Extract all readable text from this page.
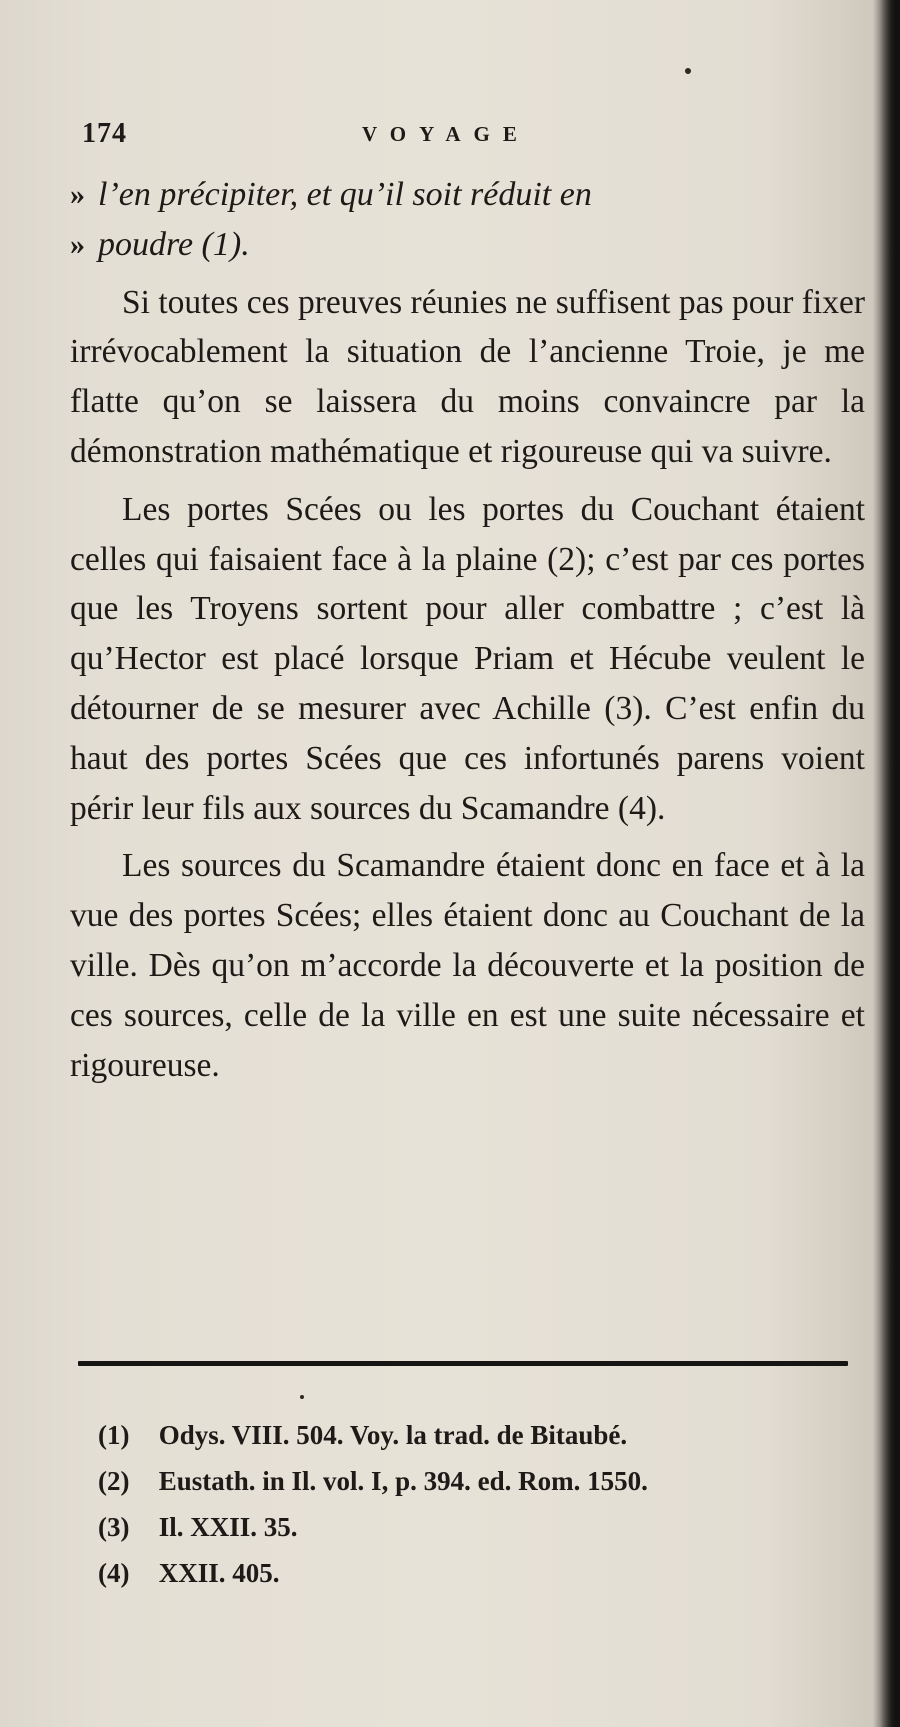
174	VOYAGE

» l’en précipiter, et qu’il soit réduit en

» poudre (1).

Si toutes ces preuves réunies ne suffisent pas pour fixer irrévocablement la situation de l’ancienne Troie, je me flatte qu’on se laissera du moins convaincre par la démonstration mathématique et rigoureuse qui va suivre.

Les portes Scées ou les portes du Couchant étaient celles qui faisaient face à la plaine (2); c’est par ces portes que les Troyens sortent pour aller combattre ; c’est là qu’Hector est placé lorsque Priam et Hécube veulent le détourner de se mesurer avec Achille (3). C’est enfin du haut des portes Scées que ces infortunés parens voient périr leur fils aux sources du Scamandre (4).

Les sources du Scamandre étaient donc en face et à la vue des portes Scées; elles étaient donc au Couchant de la ville. Dès qu’on m’accorde la découverte et la position de ces sources, celle de la ville en est une suite nécessaire et rigoureuse.

(1) Odys. VIII. 504. Voy. la trad. de Bitaubé.
(2) Eustath. in Il. vol. I, p. 394. ed. Rom. 1550.
(3) Il. XXII. 35.
(4) XXII. 405.
